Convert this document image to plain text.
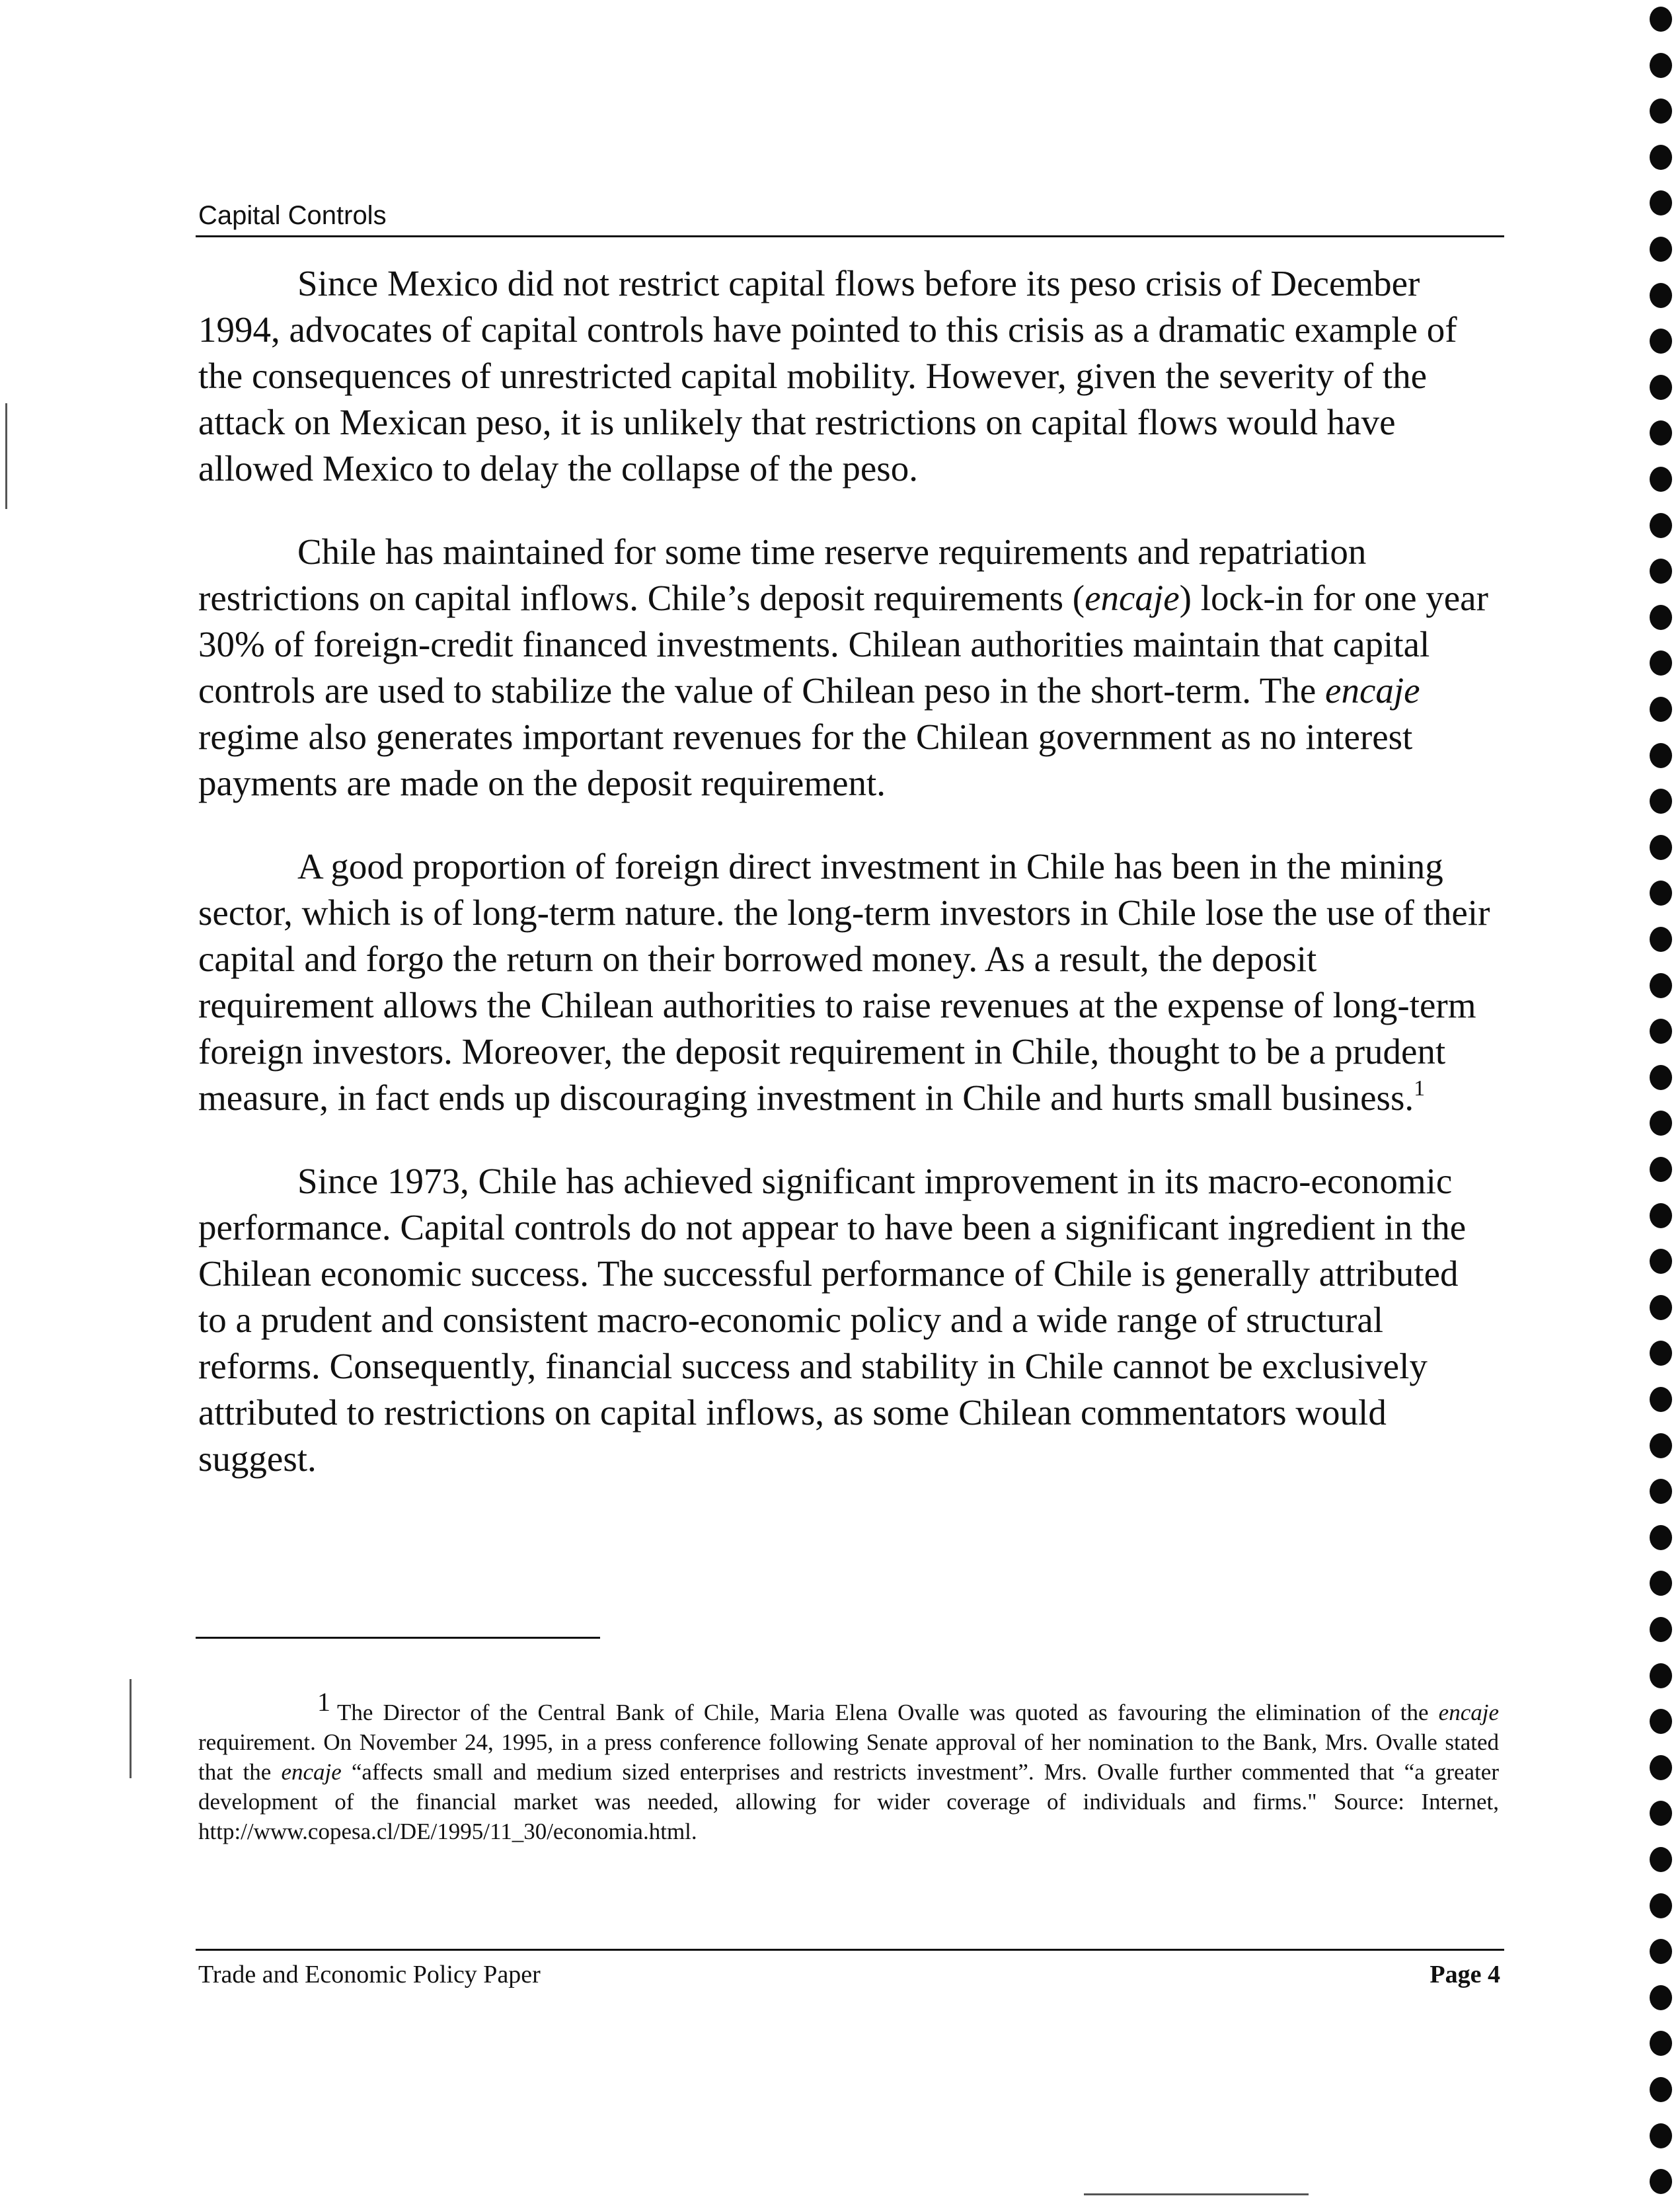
Capital Controls

Since Mexico did not restrict capital flows before its peso crisis of December 1994, advocates of capital controls have pointed to this crisis as a dramatic example of the consequences of unrestricted capital mobility. However, given the severity of the attack on Mexican peso, it is unlikely that restrictions on capital flows would have allowed Mexico to delay the collapse of the peso.

Chile has maintained for some time reserve requirements and repatriation restrictions on capital inflows. Chile’s deposit requirements (encaje) lock-in for one year 30% of foreign-credit financed investments. Chilean authorities maintain that capital controls are used to stabilize the value of Chilean peso in the short-term. The encaje regime also generates important revenues for the Chilean government as no interest payments are made on the deposit requirement.

A good proportion of foreign direct investment in Chile has been in the mining sector, which is of long-term nature. the long-term investors in Chile lose the use of their capital and forgo the return on their borrowed money. As a result, the deposit requirement allows the Chilean authorities to raise revenues at the expense of long-term foreign investors. Moreover, the deposit requirement in Chile, thought to be a prudent measure, in fact ends up discouraging investment in Chile and hurts small business.$^1$

Since 1973, Chile has achieved significant improvement in its macro-economic performance. Capital controls do not appear to have been a significant ingredient in the Chilean economic success. The successful performance of Chile is generally attributed to a prudent and consistent macro-economic policy and a wide range of structural reforms. Consequently, financial success and stability in Chile cannot be exclusively attributed to restrictions on capital inflows, as some Chilean commentators would suggest.

1 The Director of the Central Bank of Chile, Maria Elena Ovalle was quoted as favouring the elimination of the encaje requirement. On November 24, 1995, in a press conference following Senate approval of her nomination to the Bank, Mrs. Ovalle stated that the encaje “affects small and medium sized enterprises and restricts investment”. Mrs. Ovalle further commented that “a greater development of the financial market was needed, allowing for wider coverage of individuals and firms." Source: Internet, http://www.copesa.cl/DE/1995/11_30/economia.html.
Trade and Economic Policy Paper	Page 4
